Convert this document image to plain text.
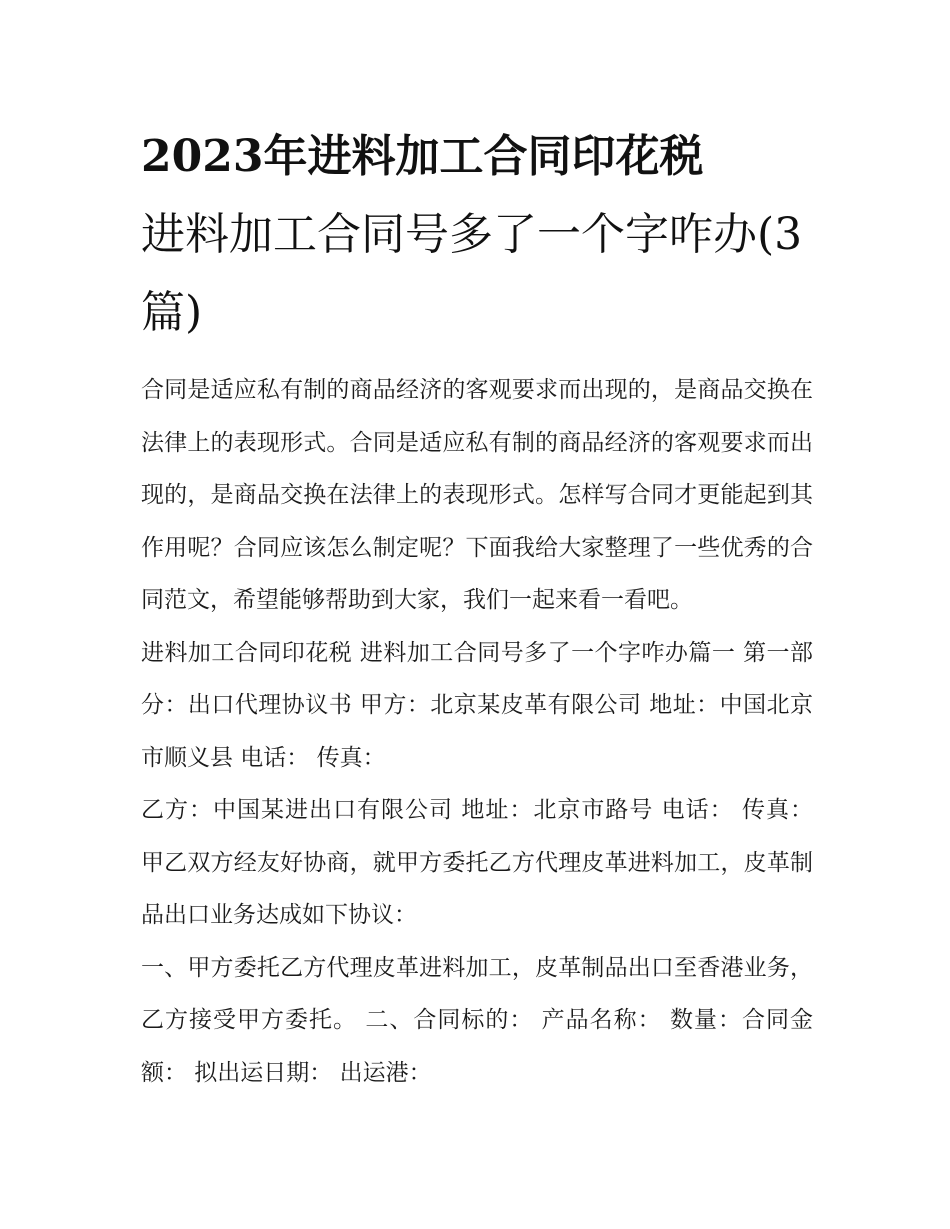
2023年进料加工合同印花税
进料加工合同号多了一个字咋办(3篇)

合同是适应私有制的商品经济的客观要求而出现的，是商品交换在法律上的表现形式。合同是适应私有制的商品经济的客观要求而出现的，是商品交换在法律上的表现形式。怎样写合同才更能起到其作用呢？合同应该怎么制定呢？下面我给大家整理了一些优秀的合同范文，希望能够帮助到大家，我们一起来看一看吧。

进料加工合同印花税 进料加工合同号多了一个字咋办篇一 第一部分：出口代理协议书 甲方：北京某皮革有限公司 地址：中国北京市顺义县 电话： 传真：

乙方：中国某进出口有限公司 地址：北京市路号 电话： 传真： 甲乙双方经友好协商，就甲方委托乙方代理皮革进料加工，皮革制品出口业务达成如下协议：

一、甲方委托乙方代理皮革进料加工，皮革制品出口至香港业务，乙方接受甲方委托。 二、合同标的： 产品名称： 数量：合同金额： 拟出运日期： 出运港：
